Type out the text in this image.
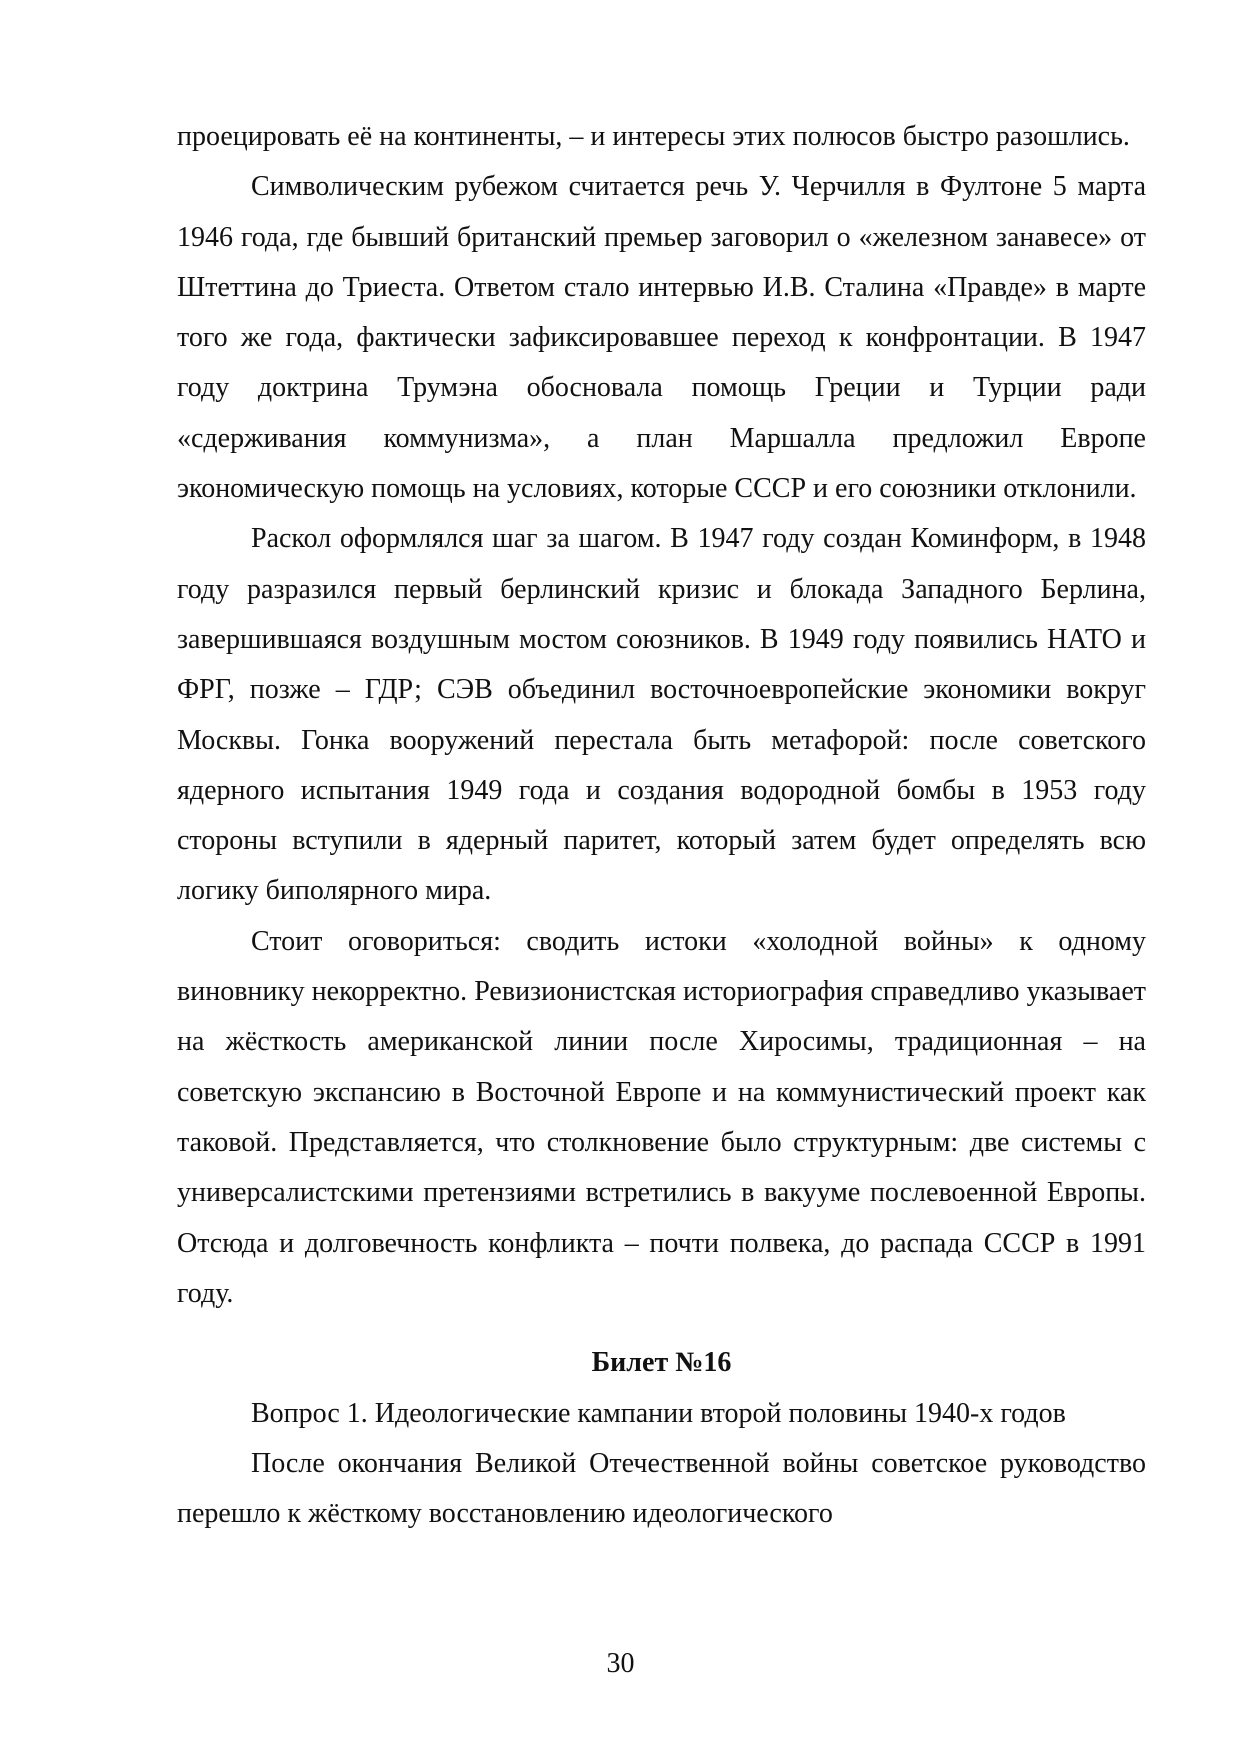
проецировать её на континенты, – и интересы этих полюсов быстро разошлись.

Символическим рубежом считается речь У. Черчилля в Фултоне 5 марта 1946 года, где бывший британский премьер заговорил о «железном занавесе» от Штеттина до Триеста. Ответом стало интервью И.В. Сталина «Правде» в марте того же года, фактически зафиксировавшее переход к конфронтации. В 1947 году доктрина Трумэна обосновала помощь Греции и Турции ради «сдерживания коммунизма», а план Маршалла предложил Европе экономическую помощь на условиях, которые СССР и его союзники отклонили.

Раскол оформлялся шаг за шагом. В 1947 году создан Коминформ, в 1948 году разразился первый берлинский кризис и блокада Западного Берлина, завершившаяся воздушным мостом союзников. В 1949 году появились НАТО и ФРГ, позже – ГДР; СЭВ объединил восточноевропейские экономики вокруг Москвы. Гонка вооружений перестала быть метафорой: после советского ядерного испытания 1949 года и создания водородной бомбы в 1953 году стороны вступили в ядерный паритет, который затем будет определять всю логику биполярного мира.

Стоит оговориться: сводить истоки «холодной войны» к одному виновнику некорректно. Ревизионистская историография справедливо указывает на жёсткость американской линии после Хиросимы, традиционная – на советскую экспансию в Восточной Европе и на коммунистический проект как таковой. Представляется, что столкновение было структурным: две системы с универсалистскими претензиями встретились в вакууме послевоенной Европы. Отсюда и долговечность конфликта – почти полвека, до распада СССР в 1991 году.

Билет №16
Вопрос 1. Идеологические кампании второй половины 1940-х годов

После окончания Великой Отечественной войны советское руководство перешло к жёсткому восстановлению идеологического

30
